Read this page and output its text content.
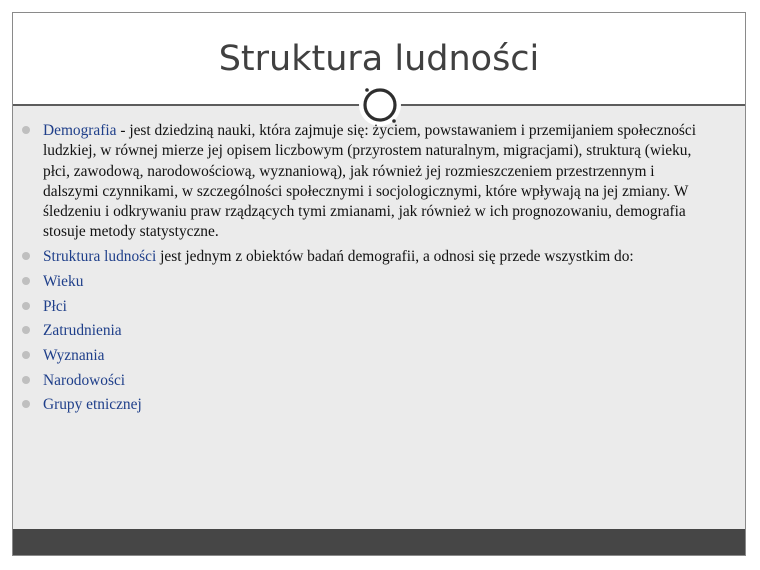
Struktura ludności
Demografia - jest dziedziną nauki, która zajmuje się: życiem, powstawaniem i przemijaniem społeczności ludzkiej, w równej mierze jej opisem liczbowym (przyrostem naturalnym, migracjami), strukturą (wieku, płci, zawodową, narodowościową, wyznaniową), jak również jej rozmieszczeniem przestrzennym i dalszymi czynnikami, w szczególności społecznymi i socjologicznymi, które wpływają na jej zmiany. W śledzeniu i odkrywaniu praw rządzących tymi zmianami, jak również w ich prognozowaniu, demografia stosuje metody statystyczne.
Struktura ludności jest jednym z obiektów badań demografii, a odnosi się przede wszystkim do:
Wieku
Płci
Zatrudnienia
Wyznania
Narodowości
Grupy etnicznej
